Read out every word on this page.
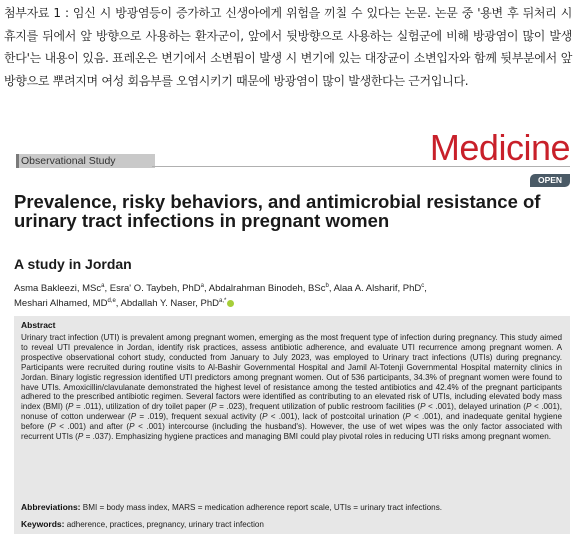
첨부자료 1 : 임신 시 방광염등이 증가하고 신생아에게 위험을 끼칠 수 있다는 논문. 논문 중 '용변 후 뒤처리 시 휴지를 뒤에서 앞 방향으로 사용하는 환자군이, 앞에서 뒷방향으로 사용하는 실험군에 비해 방광염이 많이 발생한다'는 내용이 있음. 표레온은 변기에서 소변튐이 발생 시 변기에 있는 대장균이 소변입자와 함께 뒷부분에서 앞방향으로 뿌려지며 여성 회음부를 오염시키기 때문에 방광염이 많이 발생한다는 근거입니다.
Observational Study	Medicine
OPEN
Prevalence, risky behaviors, and antimicrobial resistance of urinary tract infections in pregnant women
A study in Jordan
Asma Bakleezi, MSc$^a$, Esra' O. Taybeh, PhD$^a$, Abdalrahman Binodeh, BSc$^b$, Alaa A. Alsharif, PhD$^c$,
Meshari Alhamed, MD$^{d,e}$, Abdallah Y. Naser, PhD$^{a,*}$
Abstract
Urinary tract infection (UTI) is prevalent among pregnant women, emerging as the most frequent type of infection during pregnancy. This study aimed to reveal UTI prevalence in Jordan, identify risk practices, assess antibiotic adherence, and evaluate UTI recurrence among pregnant women. A prospective observational cohort study, conducted from January to July 2023, was employed to Urinary tract infections (UTIs) during pregnancy. Participants were recruited during routine visits to Al-Bashir Governmental Hospital and Jamil Al-Totenji Governmental Hospital maternity clinics in Jordan. Binary logistic regression identified UTI predictors among pregnant women. Out of 536 participants, 34.3% of pregnant women were found to have UTIs. Amoxicillin/clavulanate demonstrated the highest level of resistance among the tested antibiotics and 42.4% of the pregnant participants adhered to the prescribed antibiotic regimen. Several factors were identified as contributing to an elevated risk of UTIs, including elevated body mass index (BMI) (P = .011), utilization of dry toilet paper (P = .023), frequent utilization of public restroom facilities (P < .001), delayed urination (P < .001), nonuse of cotton underwear (P = .019), frequent sexual activity (P < .001), lack of postcoital urination (P < .001), and inadequate genital hygiene before (P < .001) and after (P < .001) intercourse (including the husband's). However, the use of wet wipes was the only factor associated with recurrent UTIs (P = .037). Emphasizing hygiene practices and managing BMI could play pivotal roles in reducing UTI risks among pregnant women.
Abbreviations: BMI = body mass index, MARS = medication adherence report scale, UTIs = urinary tract infections.
Keywords: adherence, practices, pregnancy, urinary tract infection
